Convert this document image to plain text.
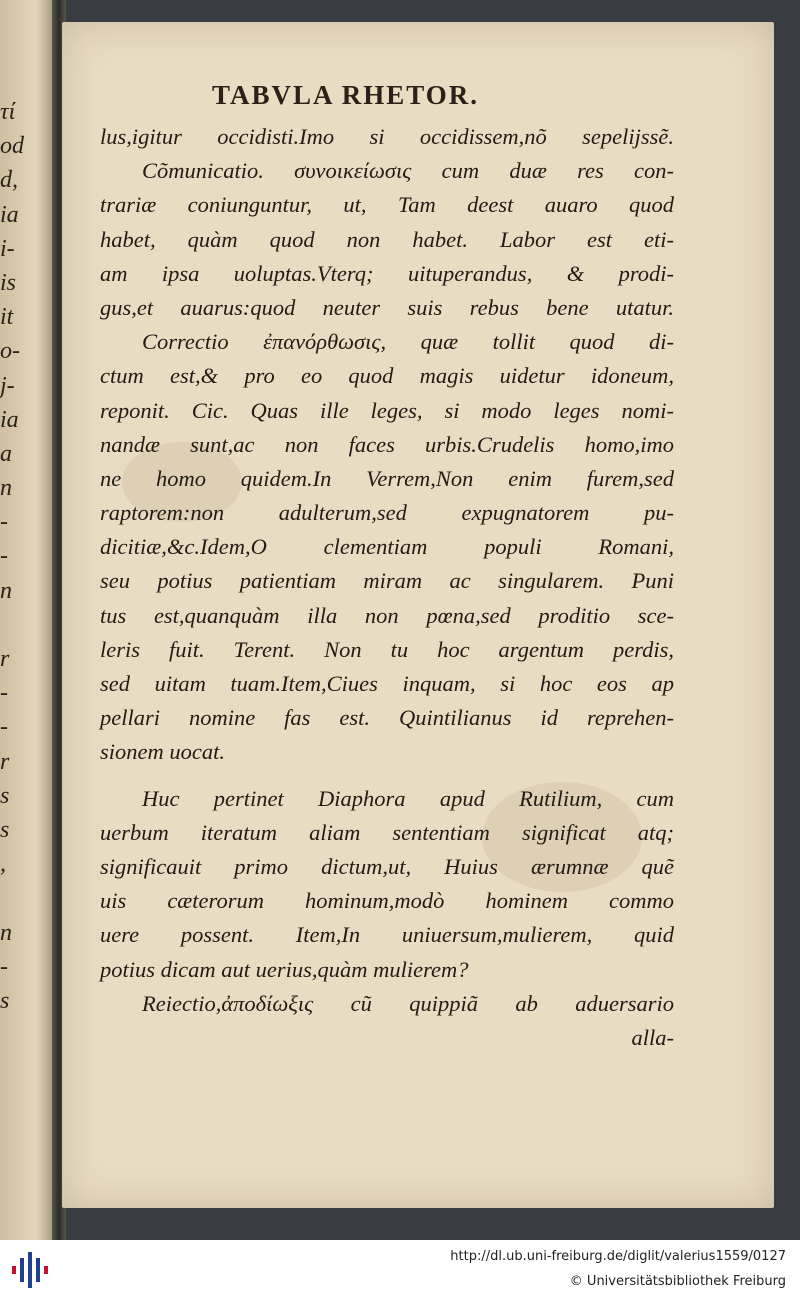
τί
od
d,
ia
i-
is
it
o-
j-
ia
a
n
-
-
n
r
-
-
r
s
s
,
n
-
s
TABVLA RHETOR.
lus,igitur occidisti.Imo si occidissem,nõ sepelijssẽ.
Cõmunicatio. συνοικείωσις cum duæ res con-
trariæ coniunguntur, ut, Tam deest auaro quod
habet, quàm quod non habet. Labor est eti-
am ipsa uoluptas.Vterq; uituperandus, & prodi-
gus,et auarus:quod neuter suis rebus bene utatur.
Correctio ἐπανόρθωσις, quæ tollit quod di-
ctum est,& pro eo quod magis uidetur idoneum,
reponit. Cic. Quas ille leges, si modo leges nomi-
nandæ sunt,ac non faces urbis.Crudelis homo,imo
ne homo quidem.In Verrem,Non enim furem,sed
raptorem:non adulterum,sed expugnatorem pu-
dicitiæ,&c.Idem,O clementiam populi Romani,
seu potius patientiam miram ac singularem. Puni
tus est,quanquàm illa non pœna,sed proditio sce-
leris fuit. Terent. Non tu hoc argentum perdis,
sed uitam tuam.Item,Ciues inquam, si hoc eos ap
pellari nomine fas est. Quintilianus id reprehen-
sionem uocat.
Huc pertinet Diaphora apud Rutilium, cum
uerbum iteratum aliam sententiam significat atq;
significauit primo dictum,ut, Huius ærumnæ quẽ
uis cæterorum hominum,modò hominem commo
uere possent. Item,In uniuersum,mulierem, quid
potius dicam aut uerius,quàm mulierem?
Reiectio,ἀποδίωξις cũ quippiã ab aduersario
alla-
http://dl.ub.uni-freiburg.de/diglit/valerius1559/0127
© Universitätsbibliothek Freiburg
